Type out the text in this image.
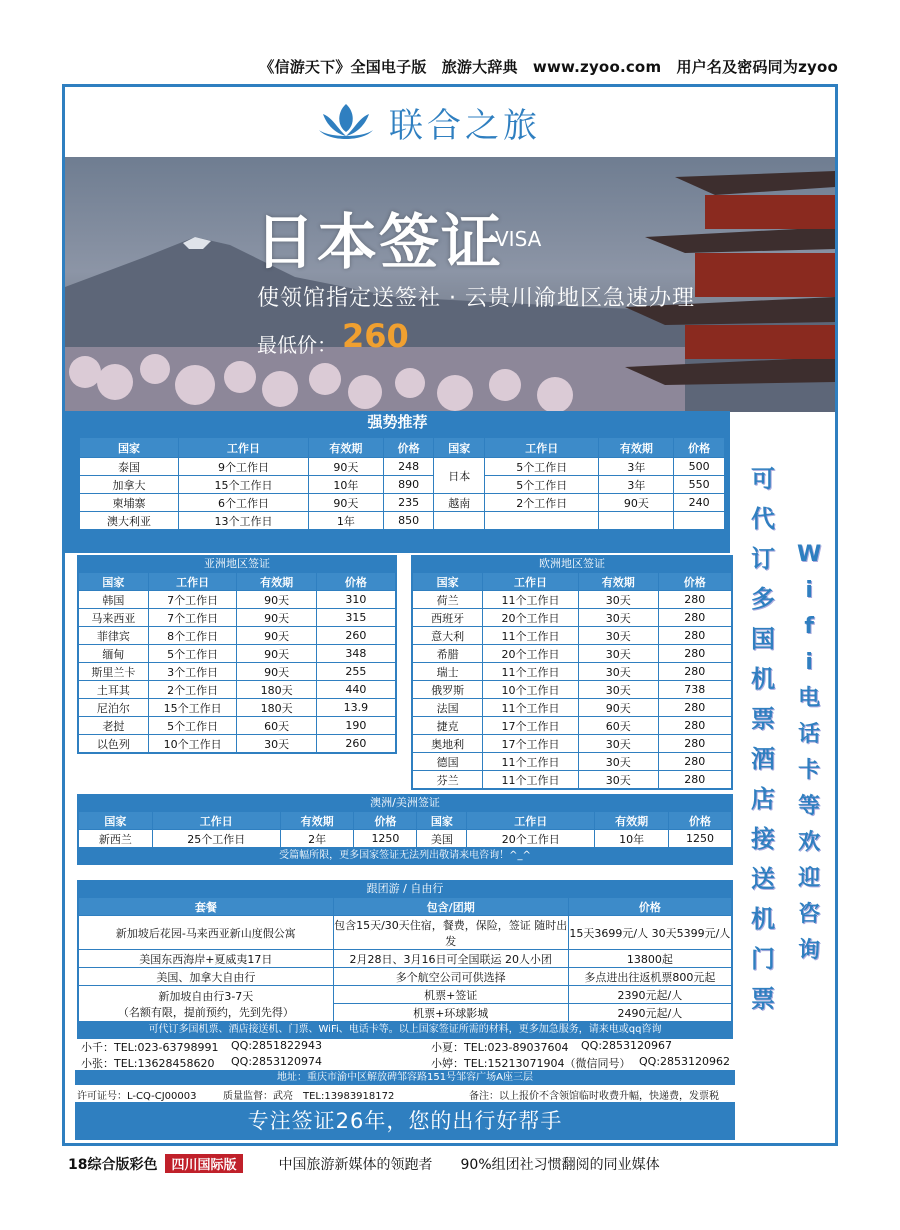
《信游天下》全国电子版　旅游大辞典　www.zyoo.com　用户名及密码同为zyoo
联合之旅
日本签证
VISA
使领馆指定送签社 · 云贵川渝地区急速办理
最低价： 260
强势推荐
国家	工作日	有效期	价格	国家	工作日	有效期	价格
泰国	9个工作日	90天	248	日本	5个工作日	3年	500
加拿大	15个工作日	10年	890		5个工作日	3年	550
柬埔寨	6个工作日	90天	235	越南	2个工作日	90天	240
澳大利亚	13个工作日	1年	850				
亚洲地区签证
国家	工作日	有效期	价格
韩国	7个工作日	90天	310
马来西亚	7个工作日	90天	315
菲律宾	8个工作日	90天	260
缅甸	5个工作日	90天	348
斯里兰卡	3个工作日	90天	255
土耳其	2个工作日	180天	440
尼泊尔	15个工作日	180天	13.9
老挝	5个工作日	60天	190
以色列	10个工作日	30天	260
欧洲地区签证
国家	工作日	有效期	价格
荷兰	11个工作日	30天	280
西班牙	20个工作日	30天	280
意大利	11个工作日	30天	280
希腊	20个工作日	30天	280
瑞士	11个工作日	30天	280
俄罗斯	10个工作日	30天	738
法国	11个工作日	90天	280
捷克	17个工作日	60天	280
奥地利	17个工作日	30天	280
德国	11个工作日	30天	280
芬兰	11个工作日	30天	280
澳洲/美洲签证
国家	工作日	有效期	价格	国家	工作日	有效期	价格
新西兰	25个工作日	2年	1250	美国	20个工作日	10年	1250
受篇幅所限，更多国家签证无法列出敬请来电咨询！^_^
跟团游 / 自由行
套餐	包含/团期	价格
新加坡后花园-马来西亚新山度假公寓	包含15天/30天住宿，餐费，保险，签证 随时出发	15天3699元/人 30天5399元/人
美国东西海岸+夏威夷17日	2月28日、3月16日可全国联运 20人小团	13800起
美国、加拿大自由行	多个航空公司可供选择	多点进出往返机票800元起

新加坡自由行3-7天
（名额有限，提前预约，先到先得）	机票+签证	2390元起/人
	机票+环球影城	2490元起/人
可代订多国机票、酒店接送机、门票、WiFi、电话卡等。以上国家签证所需的材料，更多加急服务，请来电或qq咨询
小千：TEL:023-63798991 QQ:2851822943	小夏：TEL:023-89037604 QQ:2853120967
小张：TEL:13628458620 QQ:2853120974	小婷：TEL:15213071904（微信同号） QQ:2853120962
地址：重庆市渝中区解放碑邹容路151号邹容广场A座三层
许可证号：L-CQ-CJ00003	质量监督：武亮　TEL:13983918172	备注：以上报价不含领馆临时收费升幅，快递费，发票税
专注签证26年，您的出行好帮手
可
代
订
多
国
机
票
酒
店
接
送
机
门
票
W
i
f
i
电
话
卡
等
欢
迎
咨
询
18综合版彩色 四川国际版	中国旅游新媒体的领跑者 90%组团社习惯翻阅的同业媒体
